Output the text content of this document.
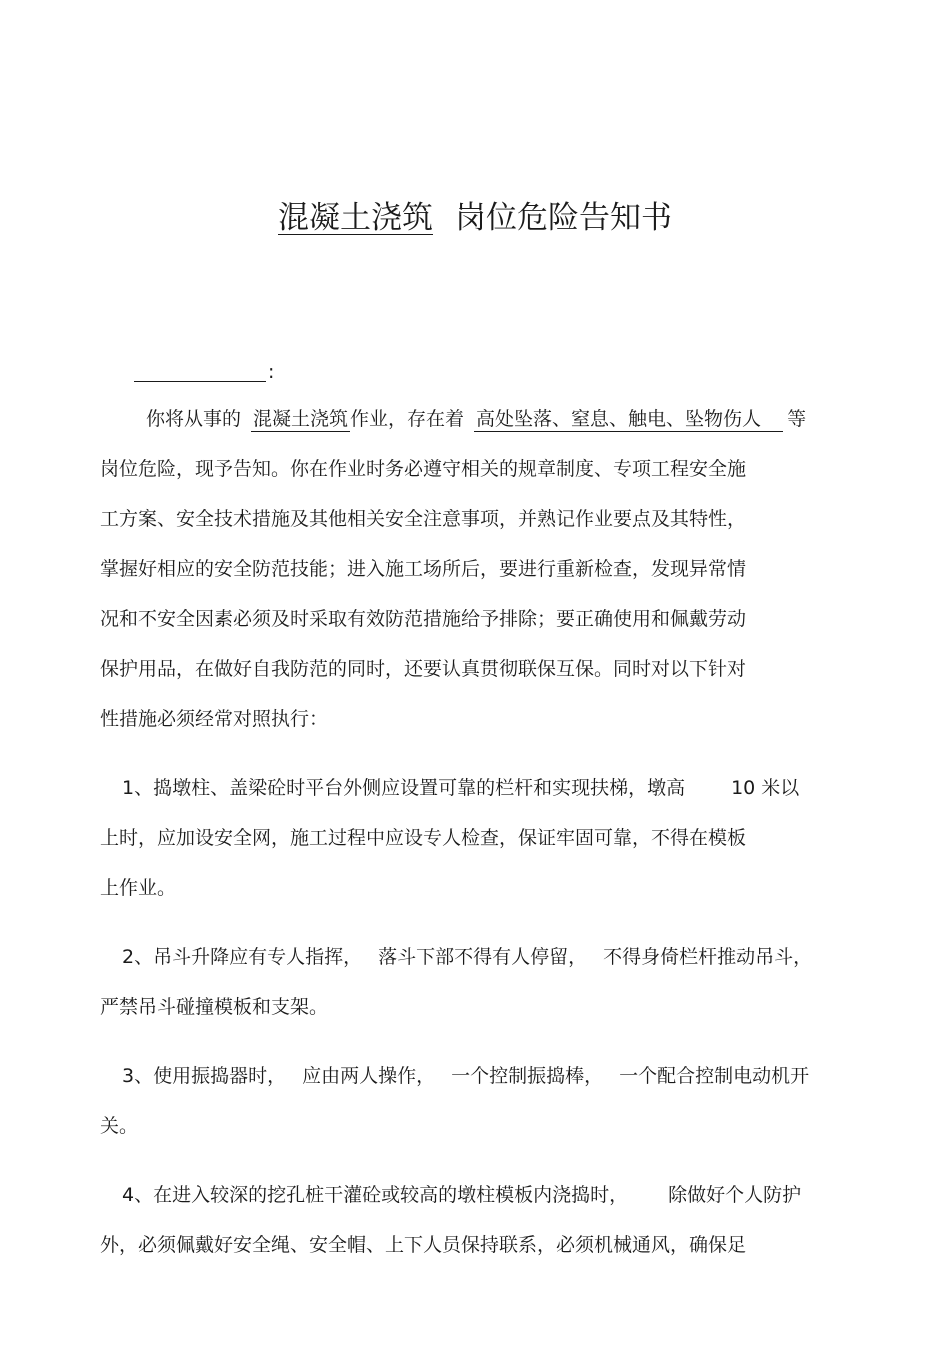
混凝土浇筑 岗位危险告知书
:
你将从事的 混凝土浇筑 作业，存在着 高处坠落、窒息、触电、坠物伤人 等
岗位危险，现予告知。你在作业时务必遵守相关的规章制度、专项工程安全施
工方案、安全技术措施及其他相关安全注意事项，并熟记作业要点及其特性，
掌握好相应的安全防范技能；进入施工场所后，要进行重新检查，发现异常情
况和不安全因素必须及时采取有效防范措施给予排除；要正确使用和佩戴劳动
保护用品，在做好自我防范的同时，还要认真贯彻联保互保。同时对以下针对
性措施必须经常对照执行：
1、捣墩柱、盖梁砼时平台外侧应设置可靠的栏杆和实现扶梯，墩高 10 米以
上时，应加设安全网，施工过程中应设专人检查，保证牢固可靠，不得在模板
上作业。
2、吊斗升降应有专人指挥， 落斗下部不得有人停留， 不得身倚栏杆推动吊斗，
严禁吊斗碰撞模板和支架。
3、使用振捣器时， 应由两人操作， 一个控制振捣棒， 一个配合控制电动机开
关。
4、在进入较深的挖孔桩干灌砼或较高的墩柱模板内浇捣时， 除做好个人防护
外，必须佩戴好安全绳、安全帽、上下人员保持联系，必须机械通风，确保足
